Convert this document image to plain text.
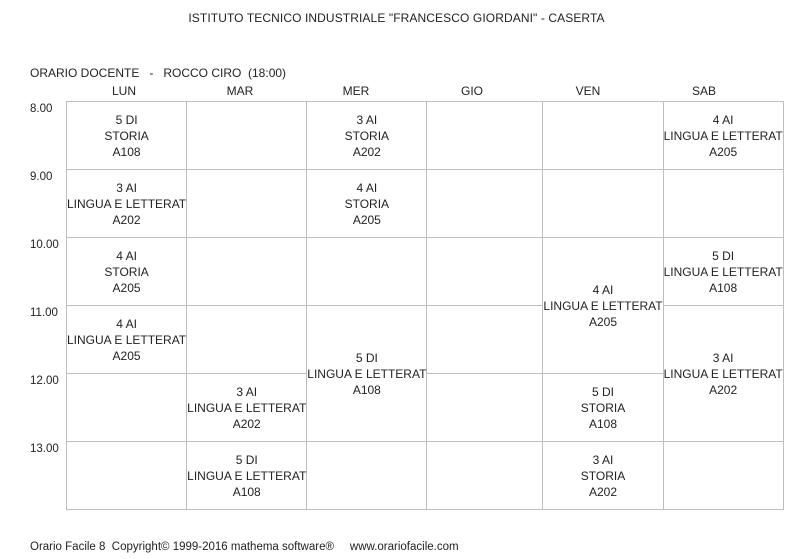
ISTITUTO TECNICO INDUSTRIALE "FRANCESCO GIORDANI" - CASERTA
ORARIO DOCENTE   -   ROCCO CIRO  (18:00)
LUN	MAR	MER	GIO	VEN	SAB
8.00
9.00
10.00
11.00
12.00
13.00
5 DI
STORIA
A108		3 AI
STORIA
A202			4 AI
LINGUA E LETTERAT
A205

3 AI
LINGUA E LETTERAT
A202		4 AI
STORIA
A205			

4 AI
STORIA
A205				4 AI
LINGUA E LETTERAT
A205	5 DI
LINGUA E LETTERAT
A108

4 AI
LINGUA E LETTERAT
A205		5 DI
LINGUA E LETTERAT
A108			3 AI
LINGUA E LETTERAT
A202

	3 AI
LINGUA E LETTERAT
A202			5 DI
STORIA
A108	

	5 DI
LINGUA E LETTERAT
A108			3 AI
STORIA
A202	

Orario Facile 8  Copyright© 1999-2016 mathema software®     www.orariofacile.com
